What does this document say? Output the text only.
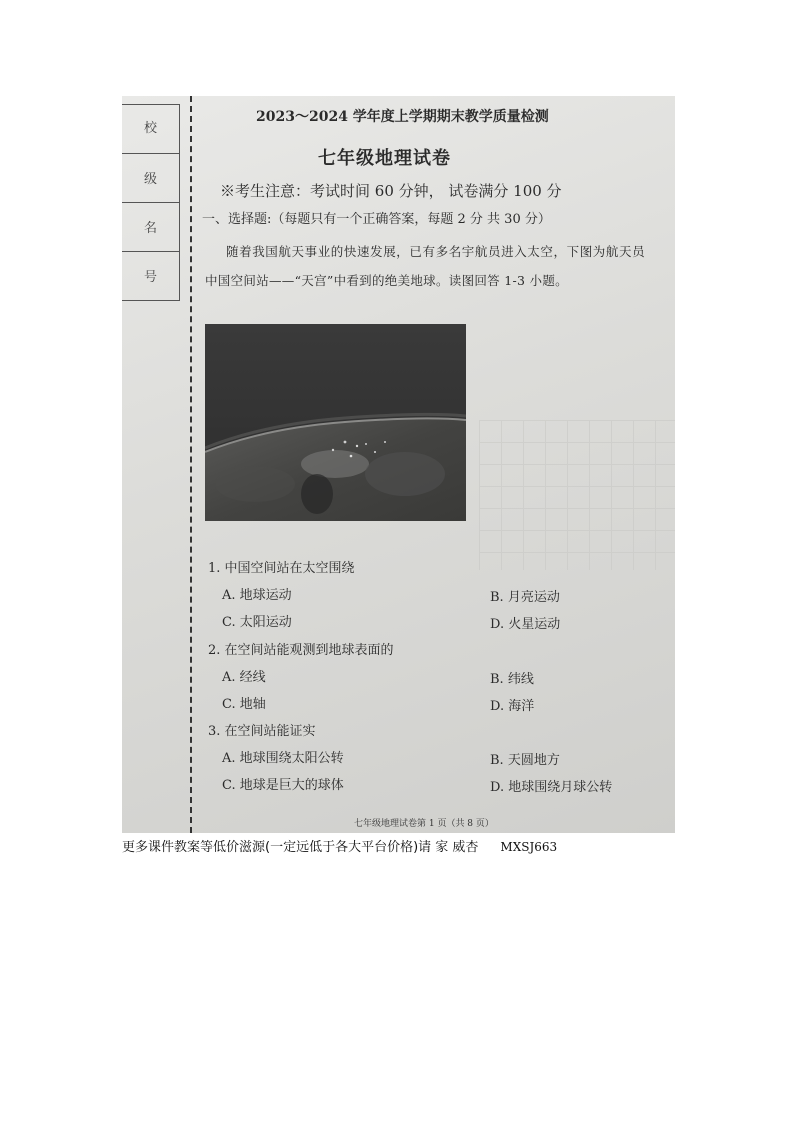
校
级
名
号
2023～2024 学年度上学期期末教学质量检测
七年级地理试卷
※考生注意：考试时间 60 分钟， 试卷满分 100 分
一、选择题:（每题只有一个正确答案，每题 2 分 共 30 分）
随着我国航天事业的快速发展，已有多名宇航员进入太空，下图为航天员
中国空间站——“天宫”中看到的绝美地球。读图回答 1-3 小题。
1. 中国空间站在太空围绕
A. 地球运动	B. 月亮运动
C. 太阳运动	D. 火星运动
2. 在空间站能观测到地球表面的
A. 经线	B. 纬线
C. 地轴	D. 海洋
3. 在空间站能证实
A. 地球围绕太阳公转	B. 天圆地方
C. 地球是巨大的球体	D. 地球围绕月球公转
七年级地理试卷第 1 页（共 8 页）
更多课件教案等低价滋源(一定远低于各大平台价格)请 家 威杏 MXSJ663
